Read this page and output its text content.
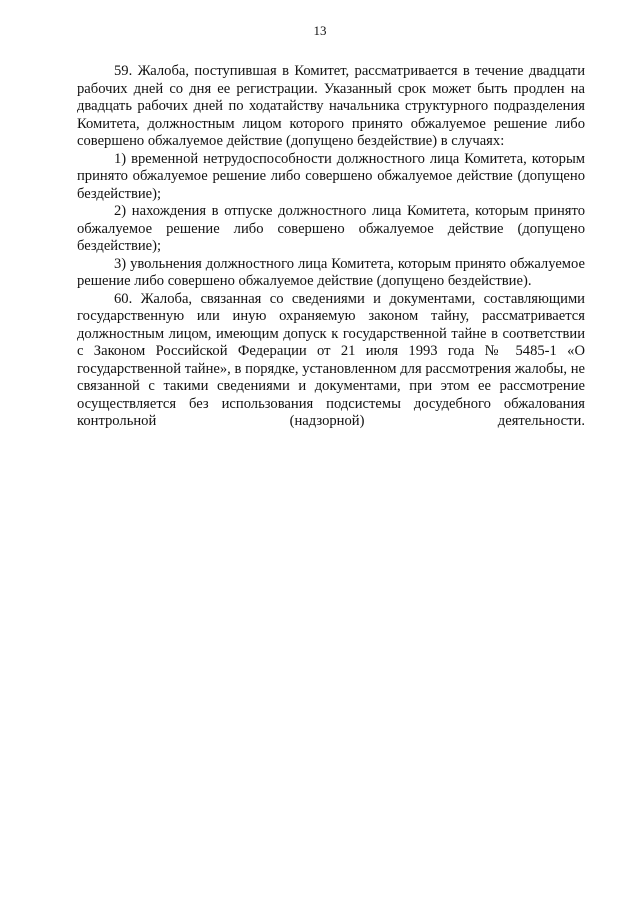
13

59. Жалоба, поступившая в Комитет, рассматривается в течение двадцати рабочих дней со дня ее регистрации. Указанный срок может быть продлен на двадцать рабочих дней по ходатайству начальника структурного подразделения Комитета, должностным лицом которого принято обжалуемое решение либо совершено обжалуемое действие (допущено бездействие) в случаях:

1) временной нетрудоспособности должностного лица Комитета, которым принято обжалуемое решение либо совершено обжалуемое действие (допущено бездействие);

2) нахождения в отпуске должностного лица Комитета, которым принято обжалуемое решение либо совершено обжалуемое действие (допущено бездействие);

3) увольнения должностного лица Комитета, которым принято обжалуемое решение либо совершено обжалуемое действие (допущено бездействие).

60. Жалоба, связанная со сведениями и документами, составляющими государственную или иную охраняемую законом тайну, рассматривается должностным лицом, имеющим допуск к государственной тайне в соответствии с Законом Российской Федерации от 21 июля 1993 года № 5485-1 «О государственной тайне», в порядке, установленном для рассмотрения жалобы, не связанной с такими сведениями и документами, при этом ее рассмотрение осуществляется без использования подсистемы досудебного обжалования контрольной (надзорной) деятельности.
